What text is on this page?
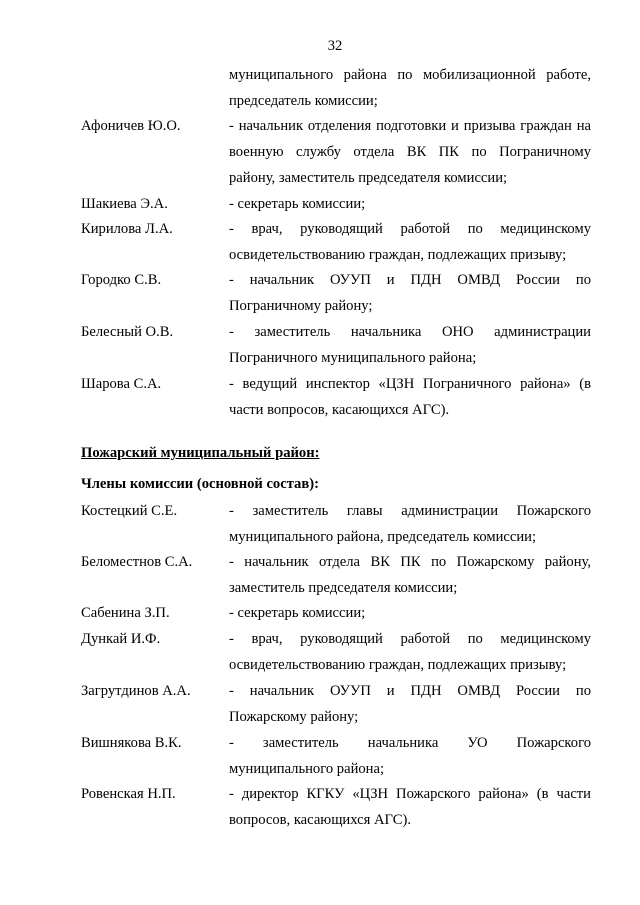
32
муниципального района по мобилизационной работе,
председатель комиссии;
Афоничев Ю.О.	- начальник отделения подготовки и призыва граждан на
военную службу отдела ВК ПК по Пограничному
району, заместитель председателя комиссии;
Шакиева Э.А.	- секретарь комиссии;
Кирилова Л.А.	- врач, руководящий работой по медицинскому
освидетельствованию граждан, подлежащих призыву;
Городко С.В.	- начальник ОУУП и ПДН ОМВД России по
Пограничному району;
Белесный О.В.	- заместитель начальника ОНО администрации
Пограничного муниципального района;
Шарова С.А.	- ведущий инспектор «ЦЗН Пограничного района» (в
части вопросов, касающихся АГС).
Пожарский муниципальный район:
Члены комиссии (основной состав):
Костецкий С.Е.	- заместитель главы администрации Пожарского
муниципального района, председатель комиссии;
Беломестнов С.А.	- начальник отдела ВК ПК по Пожарскому району,
заместитель председателя комиссии;
Сабенина З.П.	- секретарь комиссии;
Дункай И.Ф.	- врач, руководящий работой по медицинскому
освидетельствованию граждан, подлежащих призыву;
Загрутдинов А.А.	- начальник ОУУП и ПДН ОМВД России по
Пожарскому району;
Вишнякова В.К.	- заместитель начальника УО Пожарского
муниципального района;
Ровенская Н.П.	- директор КГКУ «ЦЗН Пожарского района» (в части
вопросов, касающихся АГС).
